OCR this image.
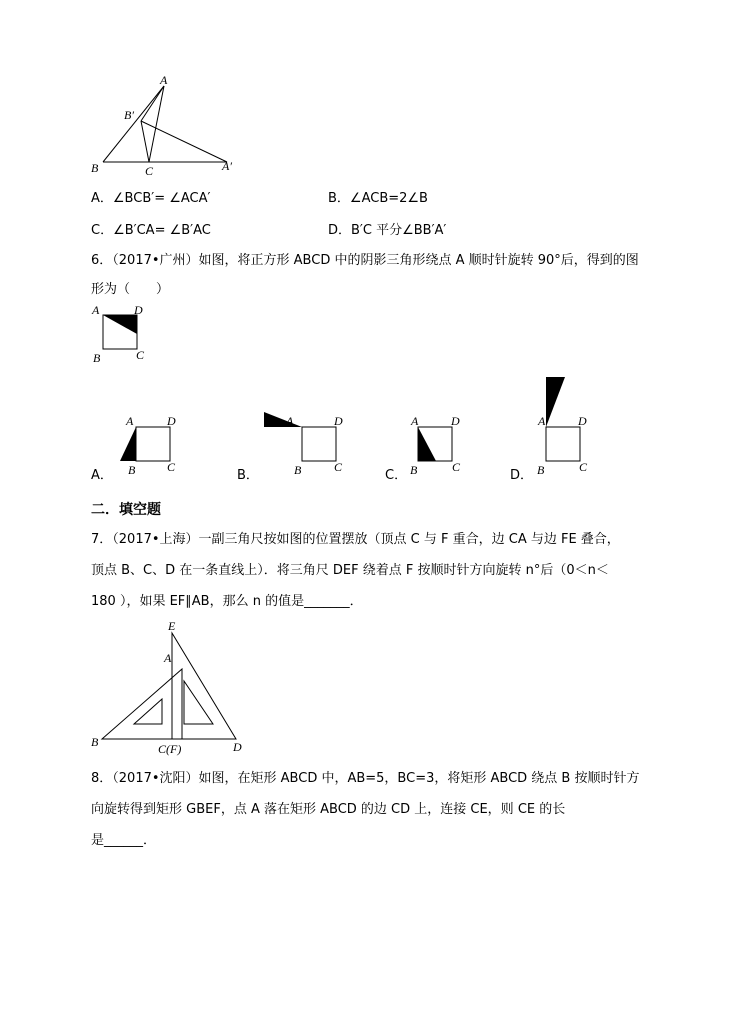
A
B′
B	C	A′
A．∠BCB′= ∠ACA′	B．∠ACB=2∠B
C．∠B′CA= ∠B′AC	D．B′C 平分∠BB′A′
6．（2017•广州）如图，将正方形 ABCD 中的阴影三角形绕点 A 顺时针旋转 90°后，得到的图
形为（　　）
A	D
B	C
A．
A	D
B	C
B．
A	D
B	C
C．
A	D
B	C
D．
A	D
B	C
二．填空题
7．（2017•上海）一副三角尺按如图的位置摆放（顶点 C 与 F 重合，边 CA 与边 FE 叠合，
顶点 B、C、D 在一条直线上）．将三角尺 DEF 绕着点 F 按顺时针方向旋转 n°后（0＜n＜
180 ），如果 EF∥AB，那么 n 的值是_______．
E
A
B	C(F)	D
8．（2017•沈阳）如图，在矩形 ABCD 中，AB=5，BC=3，将矩形 ABCD 绕点 B 按顺时针方
向旋转得到矩形 GBEF，点 A 落在矩形 ABCD 的边 CD 上，连接 CE，则 CE 的长
是______．
